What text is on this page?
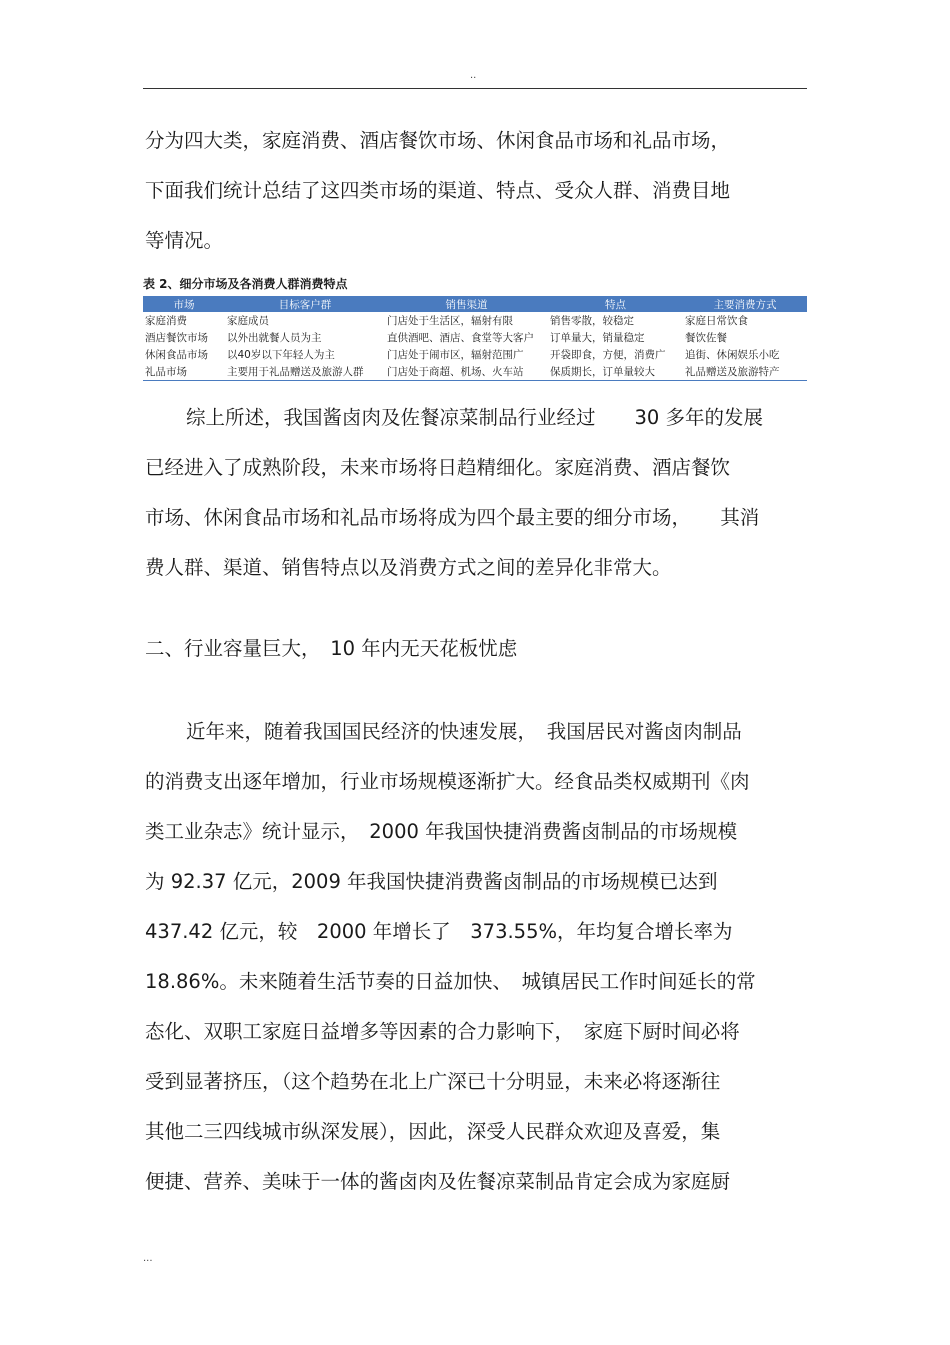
..
分为四大类，家庭消费、酒店餐饮市场、休闲食品市场和礼品市场，
下面我们统计总结了这四类市场的渠道、特点、受众人群、消费目地
等情况。
表 2、细分市场及各消费人群消费特点
市场	目标客户群	销售渠道	特点	主要消费方式
家庭消费	家庭成员	门店处于生活区，辐射有限	销售零散，较稳定	家庭日常饮食
酒店餐饮市场	以外出就餐人员为主	直供酒吧、酒店、食堂等大客户	订单量大，销量稳定	餐饮佐餐
休闲食品市场	以40岁以下年轻人为主	门店处于闹市区，辐射范围广	开袋即食，方便，消费广	追街、休闲娱乐小吃
礼品市场	主要用于礼品赠送及旅游人群	门店处于商超、机场、火车站	保质期长，订单量较大	礼品赠送及旅游特产
综上所述，我国酱卤肉及佐餐凉菜制品行业经过　　30 多年的发展
已经进入了成熟阶段，未来市场将日趋精细化。家庭消费、酒店餐饮
市场、休闲食品市场和礼品市场将成为四个最主要的细分市场，　　其消
费人群、渠道、销售特点以及消费方式之间的差异化非常大。
二、行业容量巨大，　10 年内无天花板忧虑
近年来，随着我国国民经济的快速发展，　我国居民对酱卤肉制品
的消费支出逐年增加，行业市场规模逐渐扩大。经食品类权威期刊《肉
类工业杂志》统计显示，　2000 年我国快捷消费酱卤制品的市场规模
为 92.37 亿元，2009 年我国快捷消费酱卤制品的市场规模已达到
437.42 亿元，较　2000 年增长了　373.55%，年均复合增长率为
18.86%。未来随着生活节奏的日益加快、　城镇居民工作时间延长的常
态化、双职工家庭日益增多等因素的合力影响下，　家庭下厨时间必将
受到显著挤压，（这个趋势在北上广深已十分明显，未来必将逐渐往
其他二三四线城市纵深发展），因此，深受人民群众欢迎及喜爱，集
便捷、营养、美味于一体的酱卤肉及佐餐凉菜制品肯定会成为家庭厨
...
